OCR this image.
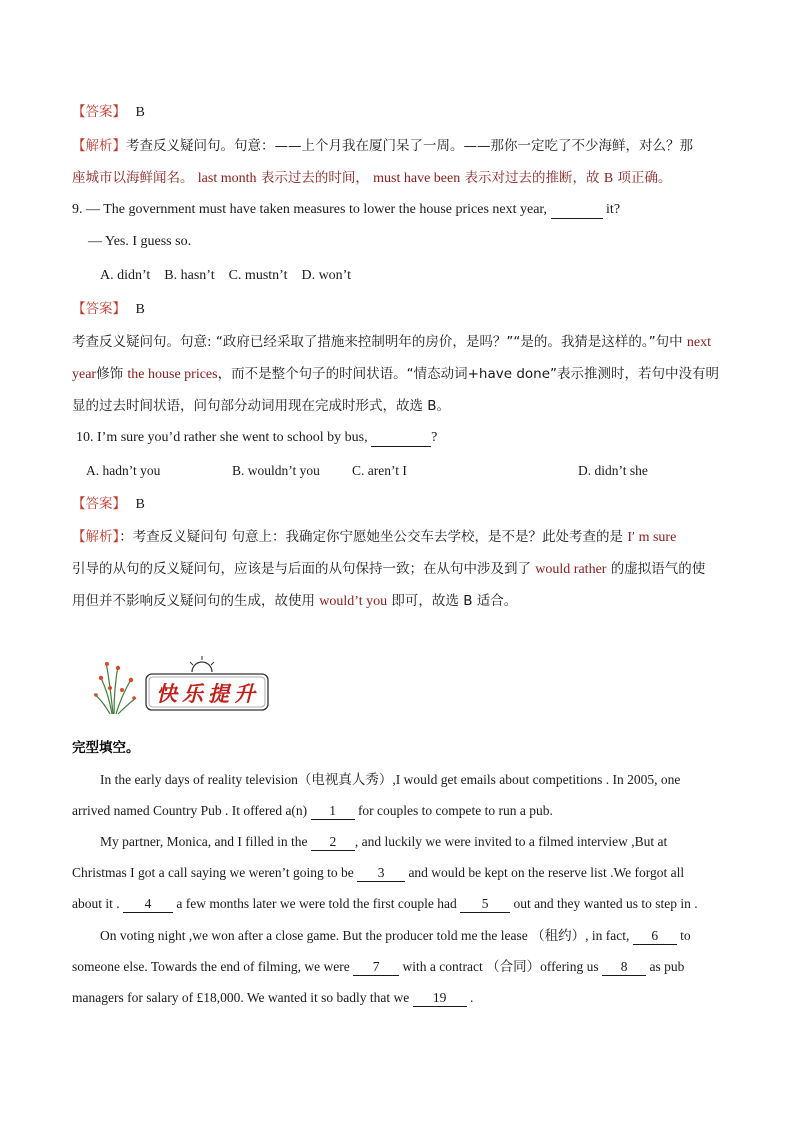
【答案】 B
【解析】考查反义疑问句。句意：——上个月我在厦门呆了一周。——那你一定吃了不少海鲜，对么？那
座城市以海鲜闻名。 last month 表示过去的时间， must have been 表示对过去的推断，故 B 项正确。
9. — The government must have taken measures to lower the house prices next year,	it?
— Yes. I guess so.
A. didn’t    B. hasn’t    C. mustn’t    D. won’t
【答案】 B
考查反义疑问句。句意: “政府已经采取了措施来控制明年的房价，是吗？”“是的。我猜是这样的。”句中 next
year修饰 the house prices，而不是整个句子的时间状语。“情态动词+have done”表示推测时，若句中没有明
显的过去时间状语，问句部分动词用现在完成时形式，故选 B。
10. I’m sure you’d rather she went to school by bus,	?
A. hadn’t you	B. wouldn’t you C. aren’t I	D. didn’t she
【答案】 B
【解析】：考查反义疑问句 句意上：我确定你宁愿她坐公交车去学校，是不是？此处考查的是 I′ m sure
引导的从句的反义疑问句，应该是与后面的从句保持一致；在从句中涉及到了 would rather 的虚拟语气的使
用但并不影响反义疑问句的生成，故使用 would’t you 即可，故选 B 适合。
快乐提升
完型填空。
In the early days of reality television（电视真人秀）,I would get emails about competitions . In 2005, one
arrived named Country Pub . It offered a(n) 1 for couples to compete to run a pub.
My partner, Monica, and I filled in the 2 , and luckily we were invited to a filmed interview ,But at
Christmas I got a call saying we weren’t going to be 3 and would be kept on the reserve list .We forgot all
about it . 4 a few months later we were told the first couple had 5 out and they wanted us to step in .
On voting night ,we won after a close game. But the producer told me the lease （租约）, in fact, 6 to
someone else. Towards the end of filming, we were 7 with a contract （合同）offering us 8 as pub
managers for salary of £18,000. We wanted it so badly that we 19 .
